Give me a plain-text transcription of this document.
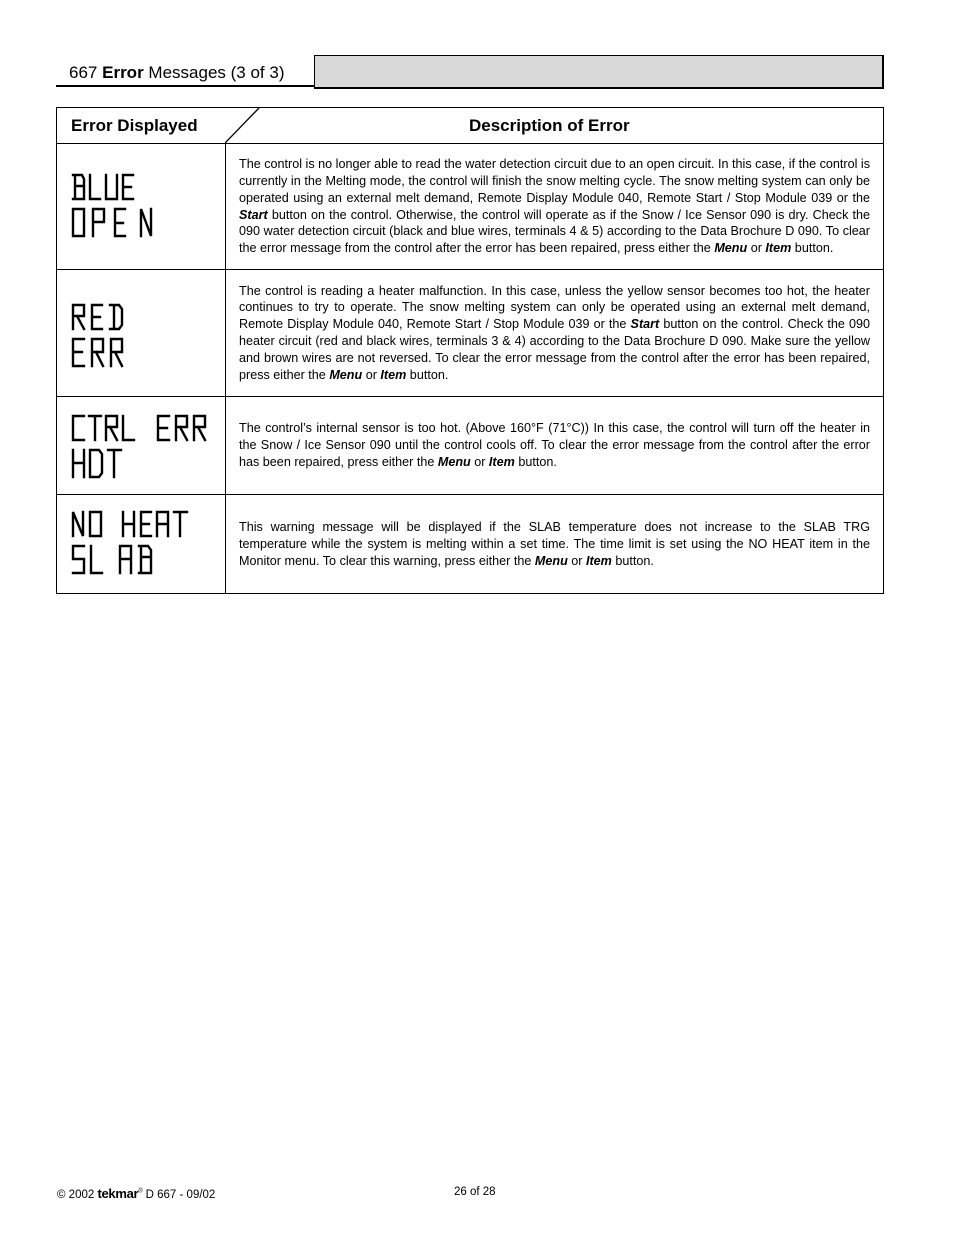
667 Error Messages (3 of 3)
Error Displayed	Description of Error
The control is no longer able to read the water detection circuit due to an open circuit. In this case, if the control is currently in the Melting mode, the control will finish the snow melting cycle. The snow melting system can only be operated using an external melt demand, Remote Display Module 040, Remote Start / Stop Module 039 or the Start button on the control. Otherwise, the control will operate as if the Snow / Ice Sensor 090 is dry. Check the 090 water detection circuit (black and blue wires, terminals 4 & 5) according to the Data Brochure D 090. To clear the error message from the control after the error has been repaired, press either the Menu or Item button.
The control is reading a heater malfunction. In this case, unless the yellow sensor becomes too hot, the heater continues to try to operate. The snow melting system can only be operated using an external melt demand, Remote Display Module 040, Remote Start / Stop Module 039 or the Start button on the control. Check the 090 heater circuit (red and black wires, terminals 3 & 4) according to the Data Brochure D 090. Make sure the yellow and brown wires are not reversed. To clear the error message from the control after the error has been repaired, press either the Menu or Item button.
The control’s internal sensor is too hot. (Above 160°F (71°C)) In this case, the control will turn off the heater in the Snow / Ice Sensor 090 until the control cools off. To clear the error message from the control after the error has been repaired, press either the Menu or Item button.
This warning message will be displayed if the SLAB temperature does not increase to the SLAB TRG temperature while the system is melting within a set time. The time limit is set using the NO HEAT item in the Monitor menu. To clear this warning, press either the Menu or Item button.
© 2002 tekmar® D 667 - 09/02	26 of 28
